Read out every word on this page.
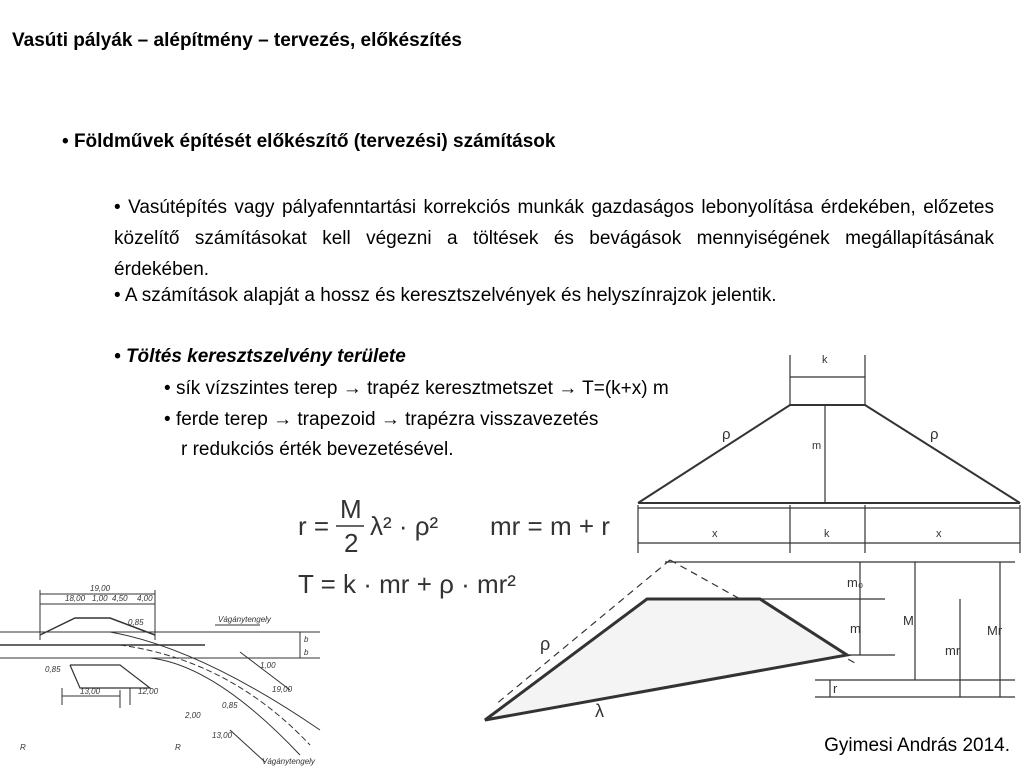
Vasúti pályák – alépítmény – tervezés, előkészítés
• Földművek építését előkészítő (tervezési) számítások
• Vasútépítés vagy pályafenntartási korrekciós munkák gazdaságos lebonyolítása érdekében, előzetes közelítő számításokat kell végezni a töltések és bevágások mennyiségének megállapításának érdekében.
• A számítások alapját a hossz és keresztszelvények és helyszínrajzok jelentik.
• Töltés keresztszelvény területe
• sík vízszintes terep → trapéz keresztmetszet → T=(k+x) m
• ferde terep → trapezoid → trapézra visszavezetés
r redukciós érték bevezetésével.
r =
M
2
λ² · ρ² mr = m + r
T = k · mr + ρ · mr²
k
m
x	k	x
ρ	ρ
m₀
m
M
mr
Mr
r
ρ
λ
19,00
18,00 1,00 4,50 4,00
0,85
0,85	1,00
13,00	12,00	19,00
0,85
2,00
13,00
Vágánytengely
Vágánytengely
R	R
b
b
Gyimesi András 2014.
